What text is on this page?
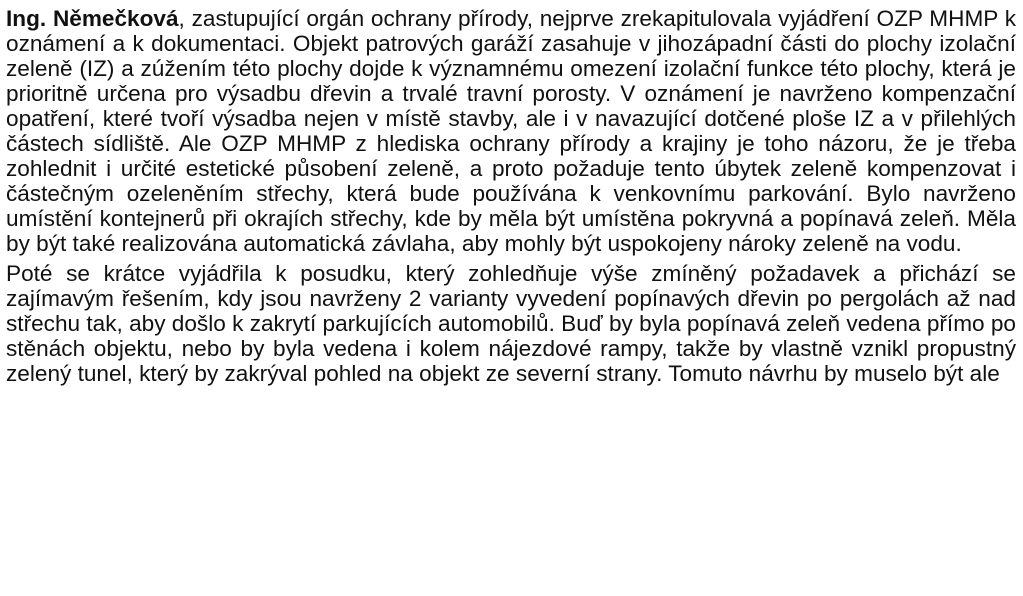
Ing. Němečková, zastupující orgán ochrany přírody, nejprve zrekapitulovala vyjádření OZP MHMP k oznámení a k dokumentaci. Objekt patrových garáží zasahuje v jihozápadní části do plochy izolační zeleně (IZ) a zúžením této plochy dojde k významnému omezení izolační funkce této plochy, která je prioritně určena pro výsadbu dřevin a trvalé travní porosty. V oznámení je navrženo kompenzační opatření, které tvoří výsadba nejen v místě stavby, ale i v navazující dotčené ploše IZ a v přilehlých částech sídliště. Ale OZP MHMP z hlediska ochrany přírody a krajiny je toho názoru, že je třeba zohlednit i určité estetické působení zeleně, a proto požaduje tento úbytek zeleně kompenzovat i částečným ozeleněním střechy, která bude používána k venkovnímu parkování. Bylo navrženo umístění kontejnerů při okrajích střechy, kde by měla být umístěna pokryvná a popínavá zeleň. Měla by být také realizována automatická závlaha, aby mohly být uspokojeny nároky zeleně na vodu.

Poté se krátce vyjádřila k posudku, který zohledňuje výše zmíněný požadavek a přichází se zajímavým řešením, kdy jsou navrženy 2 varianty vyvedení popínavých dřevin po pergolách až nad střechu tak, aby došlo k zakrytí parkujících automobilů. Buď by byla popínavá zeleň vedena přímo po stěnách objektu, nebo by byla vedena i kolem nájezdové rampy, takže by vlastně vznikl propustný zelený tunel, který by zakrýval pohled na objekt ze severní strany. Tomuto návrhu by muselo být ale
